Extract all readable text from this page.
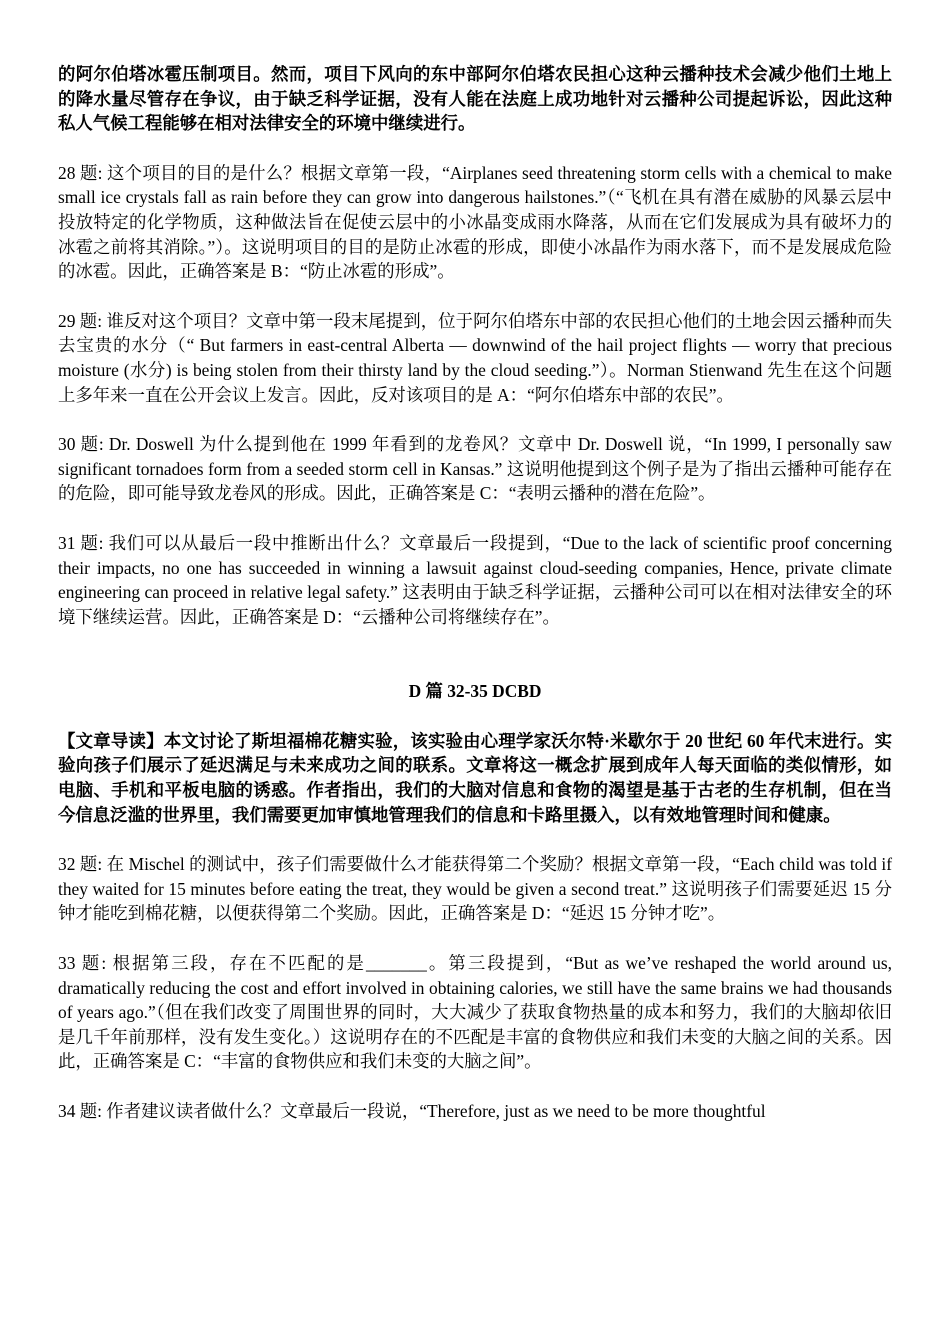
的阿尔伯塔冰雹压制项目。然而，项目下风向的东中部阿尔伯塔农民担心这种云播种技术会减少他们土地上的降水量尽管存在争议，由于缺乏科学证据，没有人能在法庭上成功地针对云播种公司提起诉讼，因此这种私人气候工程能够在相对法律安全的环境中继续进行。

28 题: 这个项目的目的是什么？根据文章第一段，“Airplanes seed threatening storm cells with a chemical to make small ice crystals fall as rain before they can grow into dangerous hailstones.”（“飞机在具有潜在威胁的风暴云层中投放特定的化学物质，这种做法旨在促使云层中的小冰晶变成雨水降落，从而在它们发展成为具有破坏力的冰雹之前将其消除。”）。这说明项目的目的是防止冰雹的形成，即使小冰晶作为雨水落下，而不是发展成危险的冰雹。因此，正确答案是 B：“防止冰雹的形成”。

29 题: 谁反对这个项目？文章中第一段末尾提到，位于阿尔伯塔东中部的农民担心他们的土地会因云播种而失去宝贵的水分（“ But farmers in east-central Alberta — downwind of the hail project flights — worry that precious moisture (水分) is being stolen from their thirsty land by the cloud seeding.”）。Norman Stienwand 先生在这个问题上多年来一直在公开会议上发言。因此，反对该项目的是 A：“阿尔伯塔东中部的农民”。

30 题: Dr. Doswell 为什么提到他在 1999 年看到的龙卷风？文章中 Dr. Doswell 说，“In 1999, I personally saw significant tornadoes form from a seeded storm cell in Kansas.” 这说明他提到这个例子是为了指出云播种可能存在的危险，即可能导致龙卷风的形成。因此，正确答案是 C：“表明云播种的潜在危险”。

31 题: 我们可以从最后一段中推断出什么？文章最后一段提到，“Due to the lack of scientific proof concerning their impacts, no one has succeeded in winning a lawsuit against cloud-seeding companies, Hence, private climate engineering can proceed in relative legal safety.” 这表明由于缺乏科学证据，云播种公司可以在相对法律安全的环境下继续运营。因此，正确答案是 D：“云播种公司将继续存在”。

D 篇 32-35 DCBD

【文章导读】本文讨论了斯坦福棉花糖实验，该实验由心理学家沃尔特·米歇尔于 20 世纪 60 年代末进行。实验向孩子们展示了延迟满足与未来成功之间的联系。文章将这一概念扩展到成年人每天面临的类似情形，如电脑、手机和平板电脑的诱惑。作者指出，我们的大脑对信息和食物的渴望是基于古老的生存机制，但在当今信息泛滥的世界里，我们需要更加审慎地管理我们的信息和卡路里摄入，以有效地管理时间和健康。

32 题: 在 Mischel 的测试中，孩子们需要做什么才能获得第二个奖励？根据文章第一段，“Each child was told if they waited for 15 minutes before eating the treat, they would be given a second treat.” 这说明孩子们需要延迟 15 分钟才能吃到棉花糖，以便获得第二个奖励。因此，正确答案是 D：“延迟 15 分钟才吃”。

33 题: 根据第三段，存在不匹配的是_______。第三段提到，“But as we’ve reshaped the world around us, dramatically reducing the cost and effort involved in obtaining calories, we still have the same brains we had thousands of years ago.”（但在我们改变了周围世界的同时，大大减少了获取食物热量的成本和努力，我们的大脑却依旧是几千年前那样，没有发生变化。）这说明存在的不匹配是丰富的食物供应和我们未变的大脑之间的关系。因此，正确答案是 C：“丰富的食物供应和我们未变的大脑之间”。

34 题: 作者建议读者做什么？文章最后一段说，“Therefore, just as we need to be more thoughtful
